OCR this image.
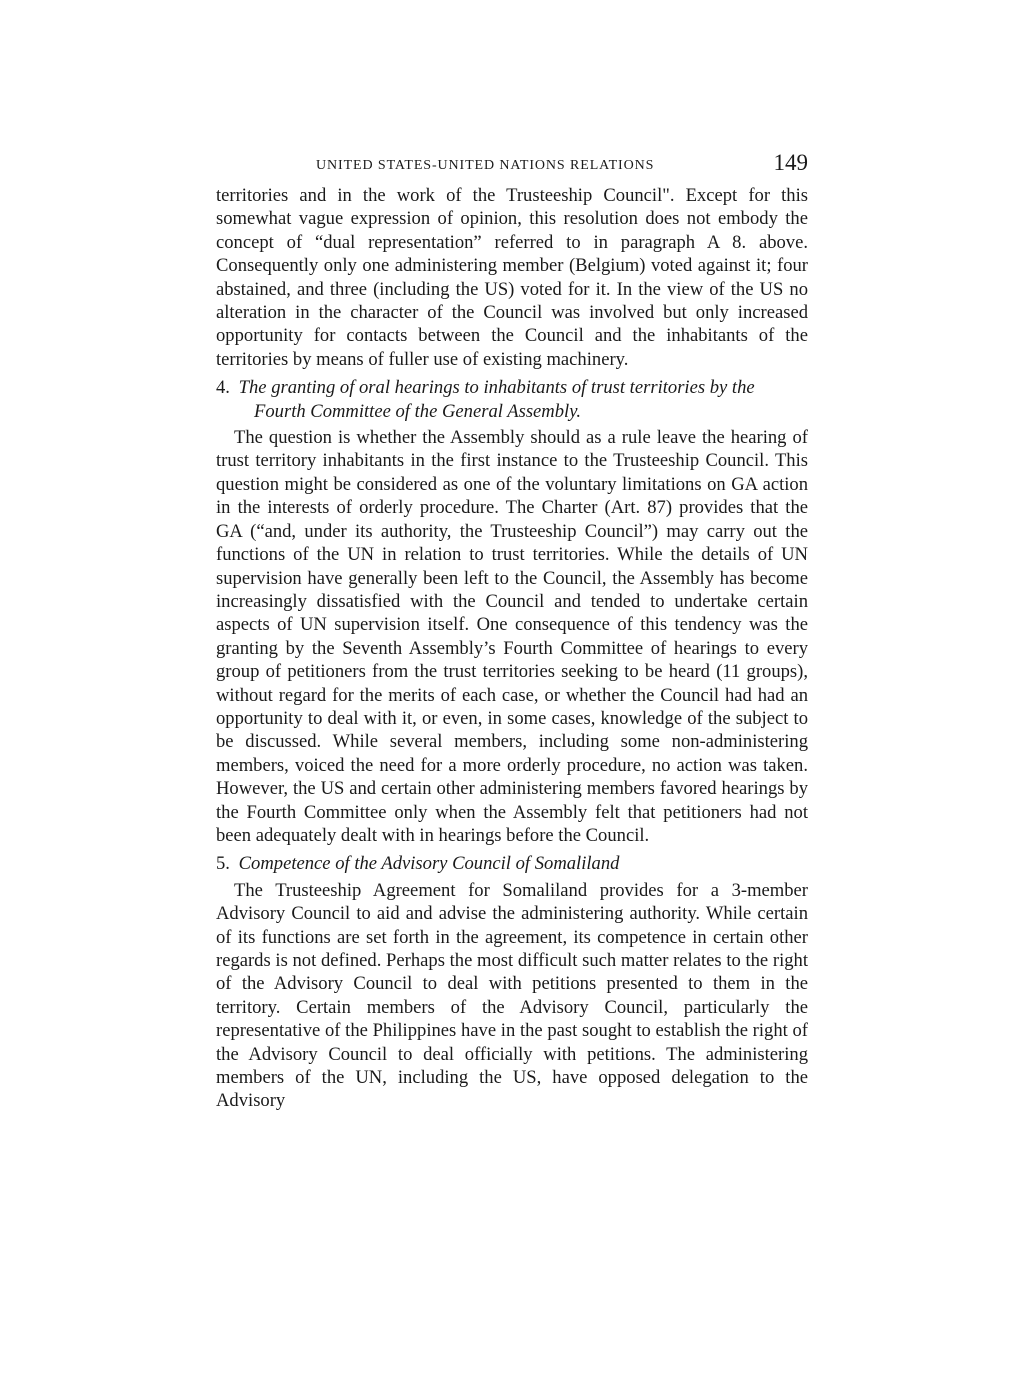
UNITED STATES-UNITED NATIONS RELATIONS	149

territories and in the work of the Trusteeship Council". Except for this somewhat vague expression of opinion, this resolution does not embody the concept of “dual representation” referred to in paragraph A 8. above. Consequently only one administering member (Belgium) voted against it; four abstained, and three (including the US) voted for it. In the view of the US no alteration in the character of the Council was involved but only increased opportunity for contacts between the Council and the inhabitants of the territories by means of fuller use of existing machinery.

4. The granting of oral hearings to inhabitants of trust territories by the Fourth Committee of the General Assembly.

The question is whether the Assembly should as a rule leave the hearing of trust territory inhabitants in the first instance to the Trusteeship Council. This question might be considered as one of the voluntary limitations on GA action in the interests of orderly procedure. The Charter (Art. 87) provides that the GA (“and, under its authority, the Trusteeship Council”) may carry out the functions of the UN in relation to trust territories. While the details of UN supervision have generally been left to the Council, the Assembly has become increasingly dissatisfied with the Council and tended to undertake certain aspects of UN supervision itself. One consequence of this tendency was the granting by the Seventh Assembly’s Fourth Committee of hearings to every group of petitioners from the trust territories seeking to be heard (11 groups), without regard for the merits of each case, or whether the Council had had an opportunity to deal with it, or even, in some cases, knowledge of the subject to be discussed. While several members, including some non-administering members, voiced the need for a more orderly procedure, no action was taken. However, the US and certain other administering members favored hearings by the Fourth Committee only when the Assembly felt that petitioners had not been adequately dealt with in hearings before the Council.

5. Competence of the Advisory Council of Somaliland

The Trusteeship Agreement for Somaliland provides for a 3-member Advisory Council to aid and advise the administering authority. While certain of its functions are set forth in the agreement, its competence in certain other regards is not defined. Perhaps the most difficult such matter relates to the right of the Advisory Council to deal with petitions presented to them in the territory. Certain members of the Advisory Council, particularly the representative of the Philippines have in the past sought to establish the right of the Advisory Council to deal officially with petitions. The administering members of the UN, including the US, have opposed delegation to the Advisory
